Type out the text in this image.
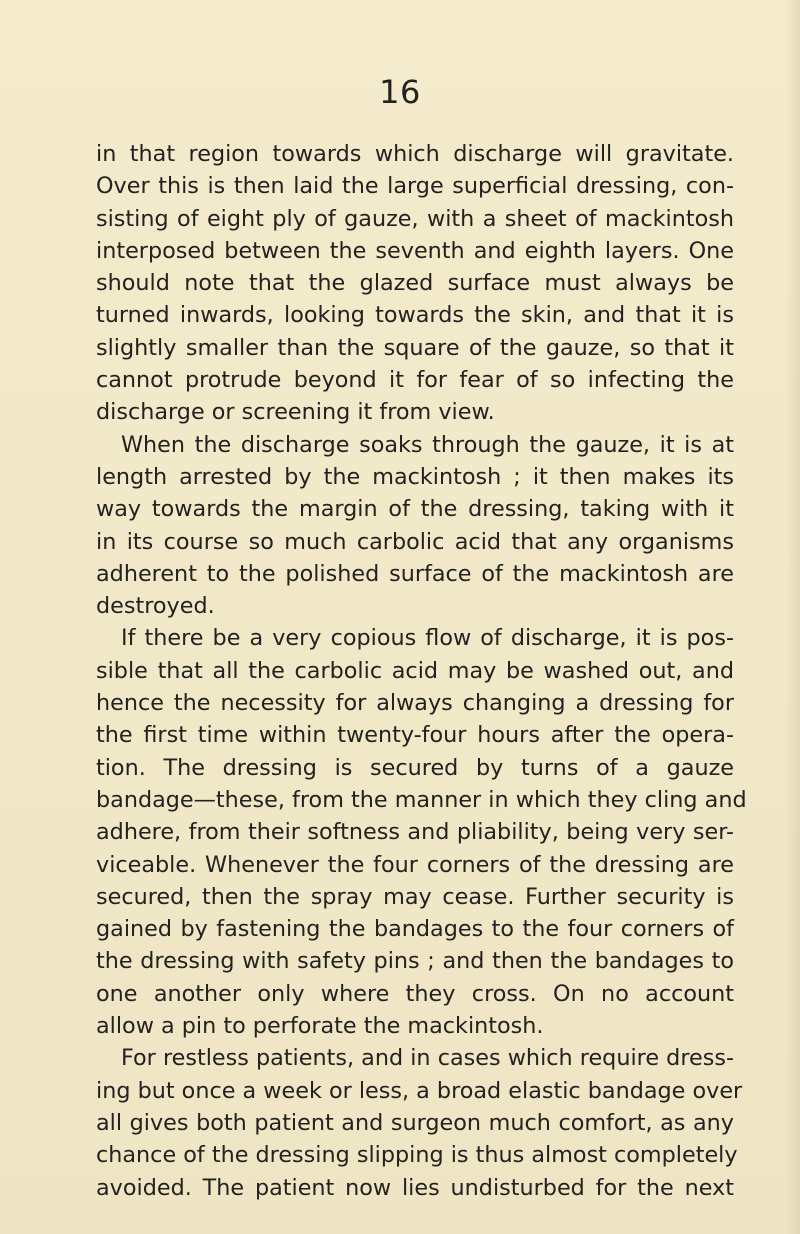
16
in that region towards which discharge will gravitate.
Over this is then laid the large superficial dressing, con-
sisting of eight ply of gauze, with a sheet of mackintosh
interposed between the seventh and eighth layers. One
should note that the glazed surface must always be
turned inwards, looking towards the skin, and that it is
slightly smaller than the square of the gauze, so that it
cannot protrude beyond it for fear of so infecting the
discharge or screening it from view.
When the discharge soaks through the gauze, it is at
length arrested by the mackintosh ; it then makes its
way towards the margin of the dressing, taking with it
in its course so much carbolic acid that any organisms
adherent to the polished surface of the mackintosh are
destroyed.
If there be a very copious flow of discharge, it is pos-
sible that all the carbolic acid may be washed out, and
hence the necessity for always changing a dressing for
the first time within twenty-four hours after the opera-
tion. The dressing is secured by turns of a gauze
bandage—these, from the manner in which they cling and
adhere, from their softness and pliability, being very ser-
viceable. Whenever the four corners of the dressing are
secured, then the spray may cease. Further security is
gained by fastening the bandages to the four corners of
the dressing with safety pins ; and then the bandages to
one another only where they cross. On no account
allow a pin to perforate the mackintosh.
For restless patients, and in cases which require dress-
ing but once a week or less, a broad elastic bandage over
all gives both patient and surgeon much comfort, as any
chance of the dressing slipping is thus almost completely
avoided. The patient now lies undisturbed for the next
